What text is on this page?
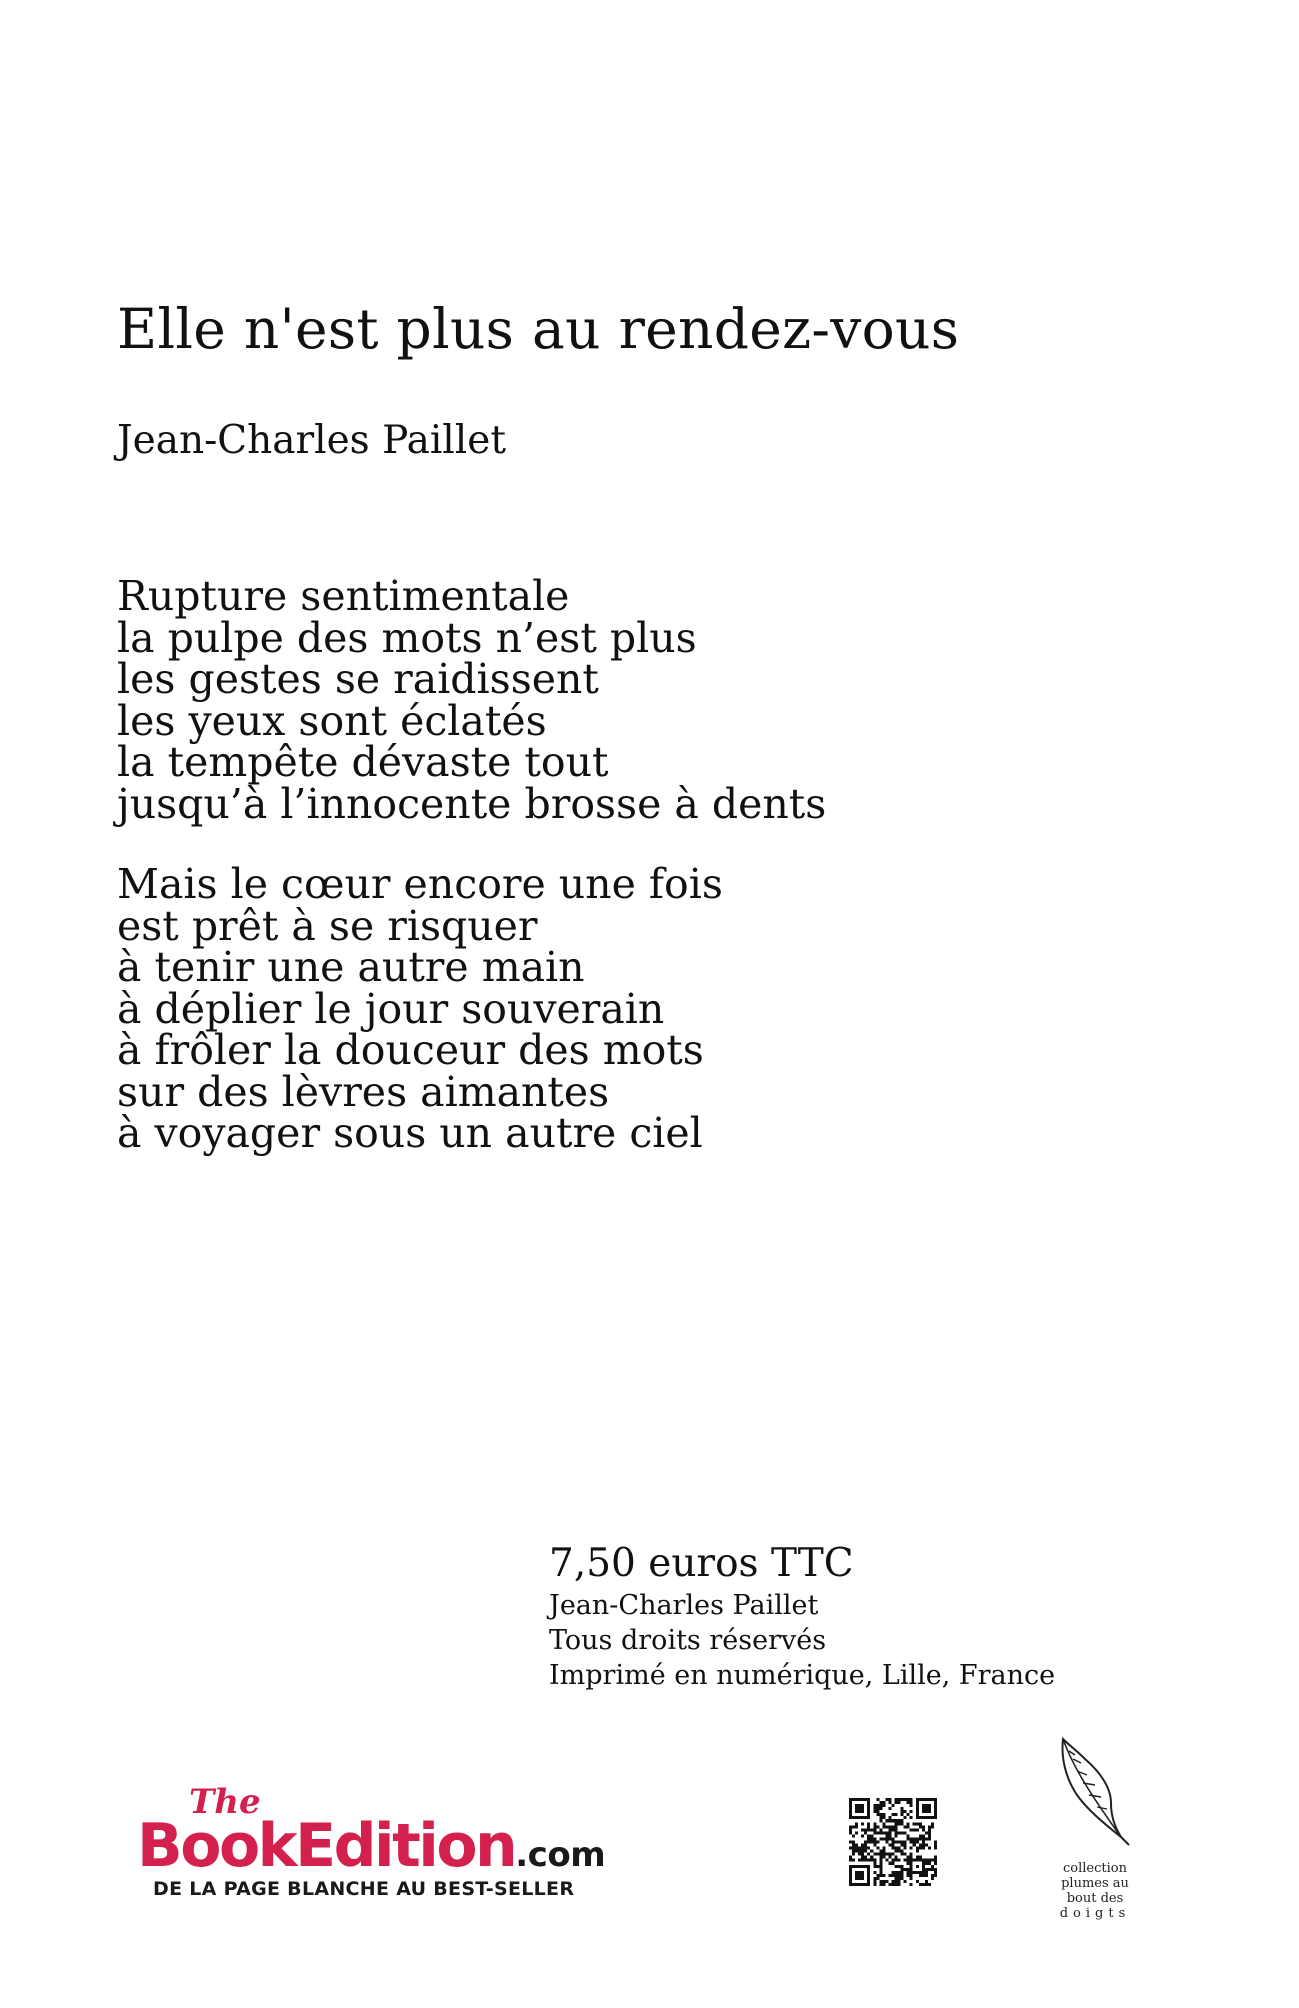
Elle n'est plus au rendez-vous
Jean-Charles Paillet
Rupture sentimentale
la pulpe des mots n’est plus
les gestes se raidissent
les yeux sont éclatés
la tempête dévaste tout
jusqu’à l’innocente brosse à dents
Mais le cœur encore une fois
est prêt à se risquer
à tenir une autre main
à déplier le jour souverain
à frôler la douceur des mots
sur des lèvres aimantes
à voyager sous un autre ciel
7,50 euros TTC
Jean-Charles Paillet
Tous droits réservés
Imprimé en numérique, Lille, France
The
BookEdition.com
DE LA PAGE BLANCHE AU BEST-SELLER
collection
plumes au
bout des
doigts
